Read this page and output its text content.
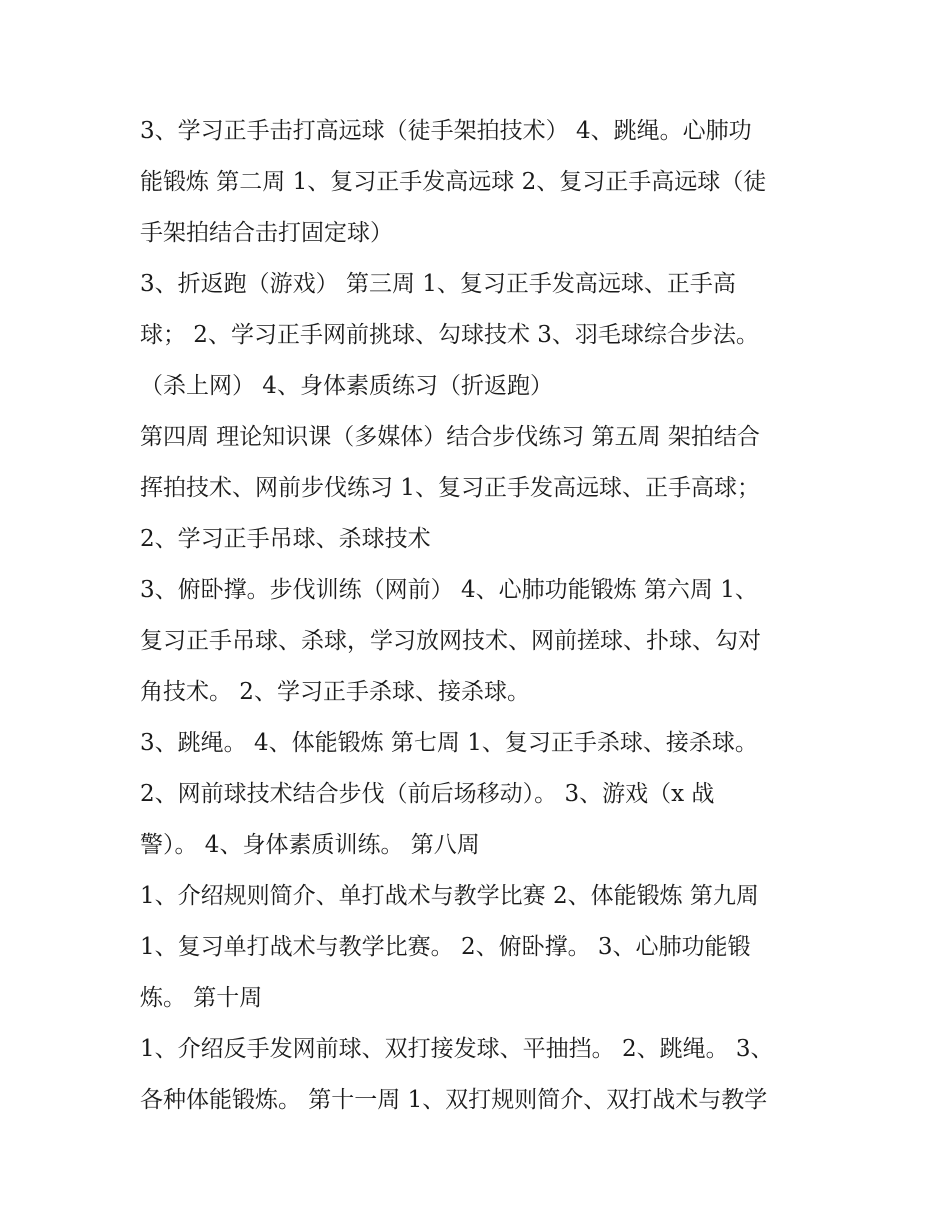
3、学习正手击打高远球（徒手架拍技术） 4、跳绳。心肺功
能锻炼 第二周 1、复习正手发高远球 2、复习正手高远球（徒
手架拍结合击打固定球）
3、折返跑（游戏） 第三周 1、复习正手发高远球、正手高
球； 2、学习正手网前挑球、勾球技术 3、羽毛球综合步法。
（杀上网） 4、身体素质练习（折返跑）
第四周 理论知识课（多媒体）结合步伐练习 第五周 架拍结合
挥拍技术、网前步伐练习 1、复习正手发高远球、正手高球；
2、学习正手吊球、杀球技术
3、俯卧撑。步伐训练（网前） 4、心肺功能锻炼 第六周 1、
复习正手吊球、杀球，学习放网技术、网前搓球、扑球、勾对
角技术。 2、学习正手杀球、接杀球。
3、跳绳。 4、体能锻炼 第七周 1、复习正手杀球、接杀球。
2、网前球技术结合步伐（前后场移动）。 3、游戏（x 战
警）。 4、身体素质训练。 第八周
1、介绍规则简介、单打战术与教学比赛 2、体能锻炼 第九周
1、复习单打战术与教学比赛。 2、俯卧撑。 3、心肺功能锻
炼。 第十周
1、介绍反手发网前球、双打接发球、平抽挡。 2、跳绳。 3、
各种体能锻炼。 第十一周 1、双打规则简介、双打战术与教学
